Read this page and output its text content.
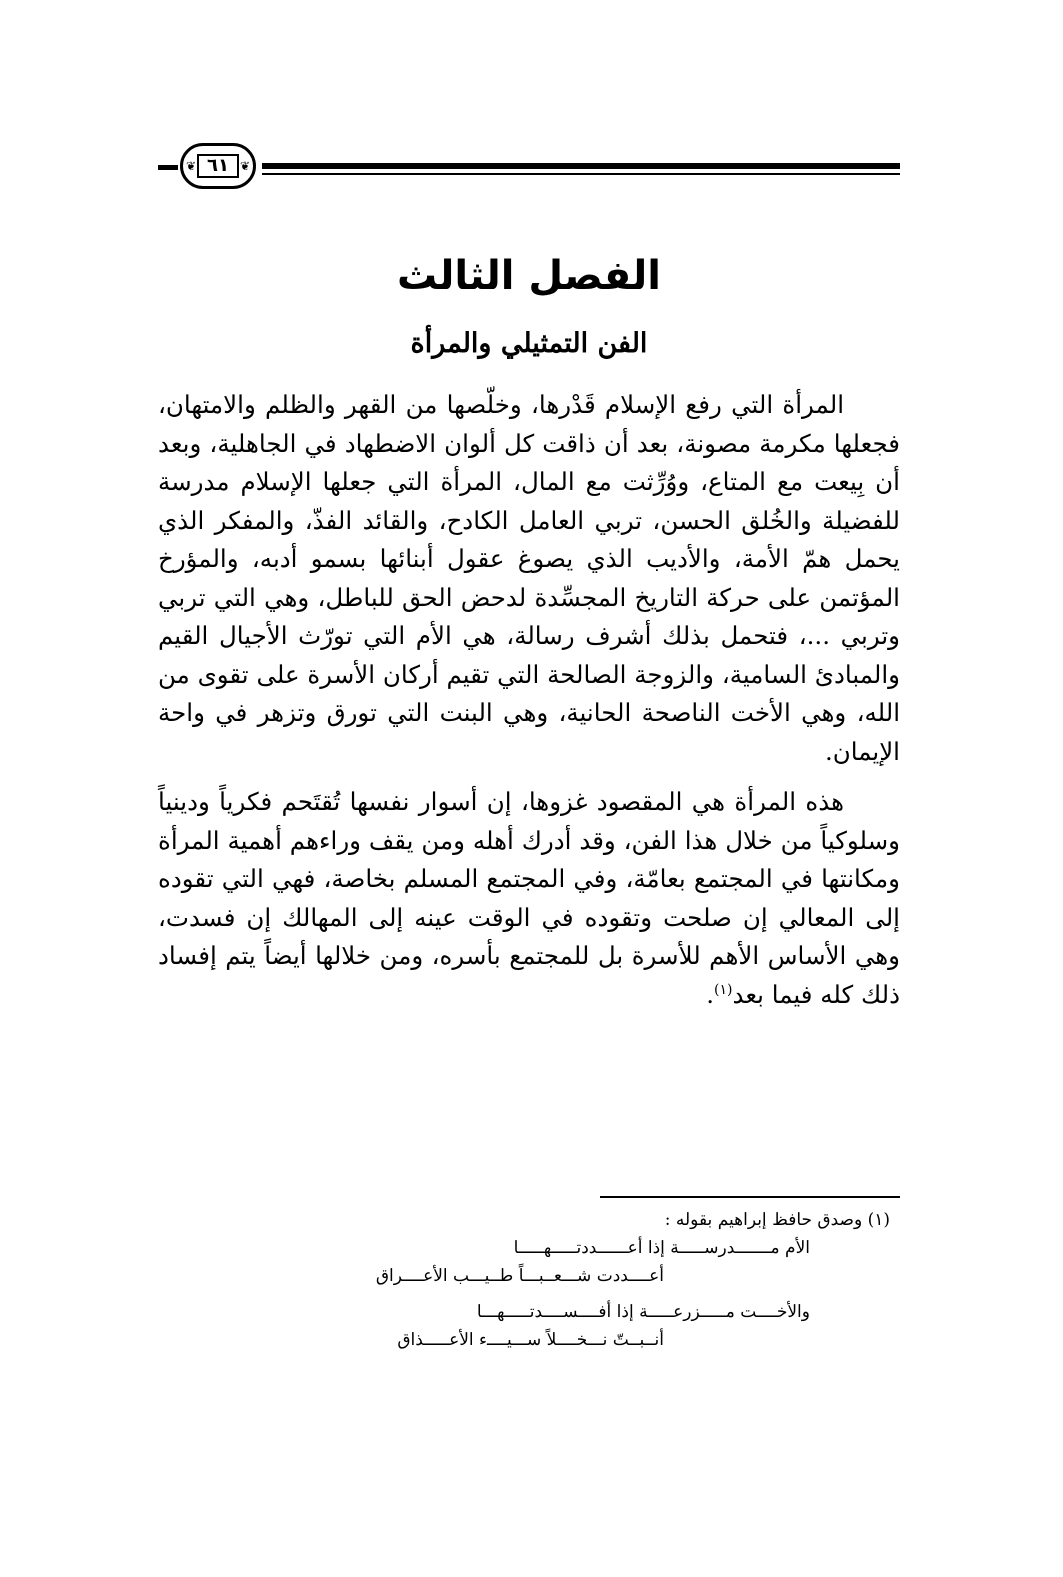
❦ ٦١ ❦
الفصل الثالث
الفن التمثيلي والمرأة

المرأة التي رفع الإسلام قَدْرها، وخلّصها من القهر والظلم والامتهان، فجعلها مكرمة مصونة، بعد أن ذاقت كل ألوان الاضطهاد في الجاهلية، وبعد أن بِيعت مع المتاع، ووُرِّثت مع المال، المرأة التي جعلها الإسلام مدرسة للفضيلة والخُلق الحسن، تربي العامل الكادح، والقائد الفذّ، والمفكر الذي يحمل همّ الأمة، والأديب الذي يصوغ عقول أبنائها بسمو أدبه، والمؤرخ المؤتمن على حركة التاريخ المجسِّدة لدحض الحق للباطل، وهي التي تربي وتربي ...، فتحمل بذلك أشرف رسالة، هي الأم التي تورّث الأجيال القيم والمبادئ السامية، والزوجة الصالحة التي تقيم أركان الأسرة على تقوى من الله، وهي الأخت الناصحة الحانية، وهي البنت التي تورق وتزهر في واحة الإيمان.

هذه المرأة هي المقصود غزوها، إن أسوار نفسها تُقتَحم فكرياً ودينياً وسلوكياً من خلال هذا الفن، وقد أدرك أهله ومن يقف وراءهم أهمية المرأة ومكانتها في المجتمع بعامّة، وفي المجتمع المسلم بخاصة، فهي التي تقوده إلى المعالي إن صلحت وتقوده في الوقت عينه إلى المهالك إن فسدت، وهي الأساس الأهم للأسرة بل للمجتمع بأسره، ومن خلالها أيضاً يتم إفساد ذلك كله فيما بعد$^{(١)}$.

(١) وصدق حافظ إبراهيم بقوله :
الأم مـــــــدرســـــة إذا أعــــــددتـــــهـــــا
أعــــددت شـــعــبـــاً طــيـــب الأعــــراق
والأخــــت مـــــزرعـــــة إذا أفــــســــدتـــــهـــا
أنــبــتّ نـــخــــلاً ســـيــــء الأعـــــذاق
